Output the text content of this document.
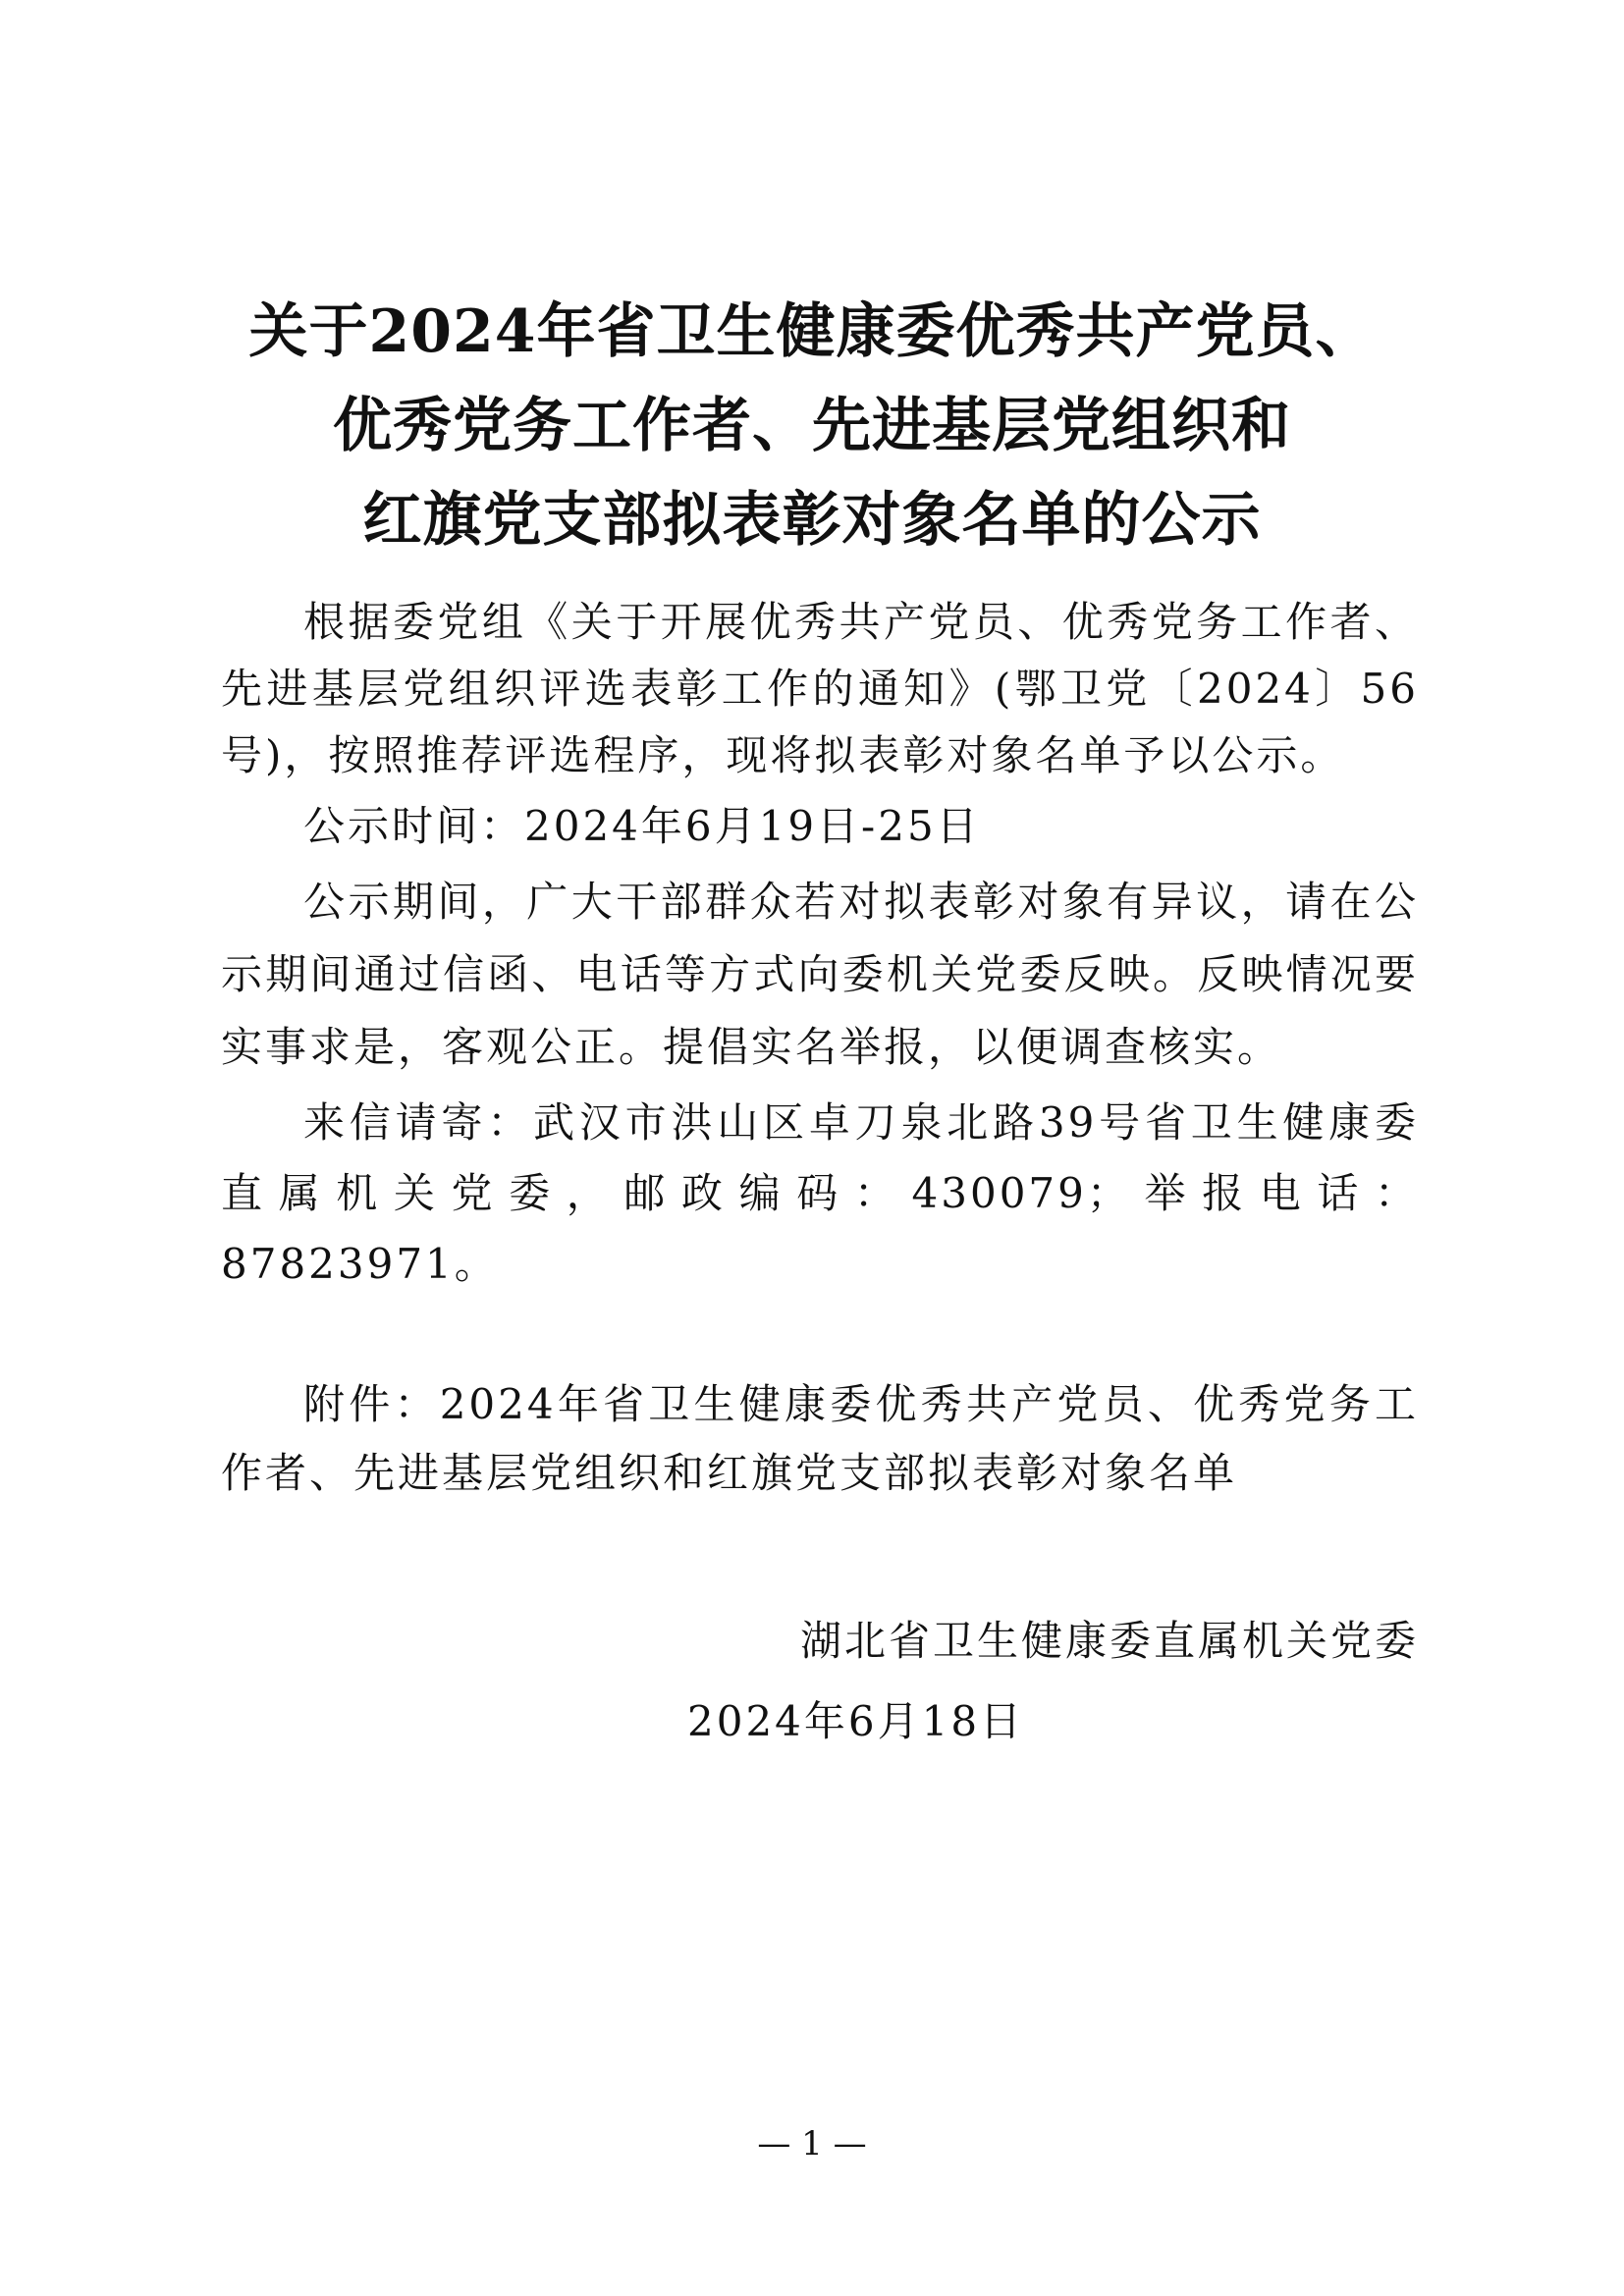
关于2024年省卫生健康委优秀共产党员、
优秀党务工作者、先进基层党组织和
红旗党支部拟表彰对象名单的公示

根据委党组《关于开展优秀共产党员、优秀党务工作者、先进基层党组织评选表彰工作的通知》(鄂卫党〔2024〕56号)，按照推荐评选程序，现将拟表彰对象名单予以公示。

公示时间：2024年6月19日-25日

公示期间，广大干部群众若对拟表彰对象有异议，请在公示期间通过信函、电话等方式向委机关党委反映。反映情况要实事求是，客观公正。提倡实名举报，以便调查核实。

来信请寄：武汉市洪山区卓刀泉北路39号省卫生健康委直属机关党委，邮政编码：430079；举报电话：87823971。

附件：2024年省卫生健康委优秀共产党员、优秀党务工作者、先进基层党组织和红旗党支部拟表彰对象名单

湖北省卫生健康委直属机关党委
2024年6月18日
— 1 —
